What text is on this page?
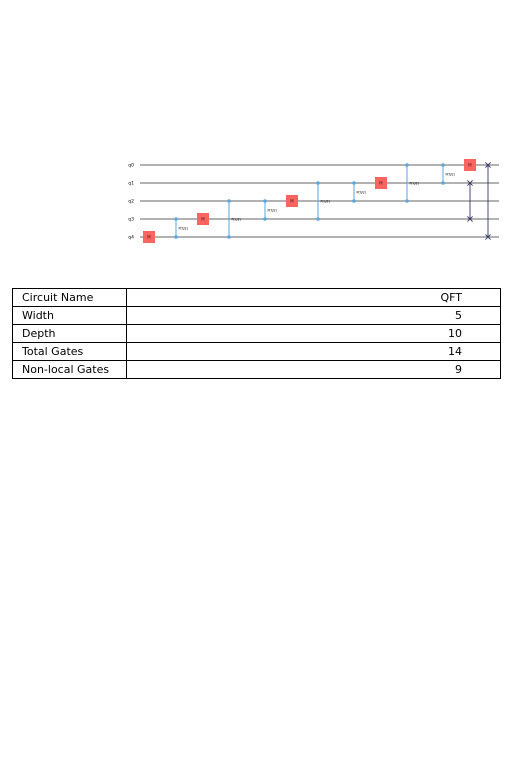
q0
q1
q2
q3
q4	H
P(π/2)
H	P(π/2)
P(π/2)
H	P(π/2)
P(π/2)
H	P(π/2)
P(π/2)
H
Circuit Name	QFT
Width	5
Depth	10
Total Gates	14
Non-local Gates	9
